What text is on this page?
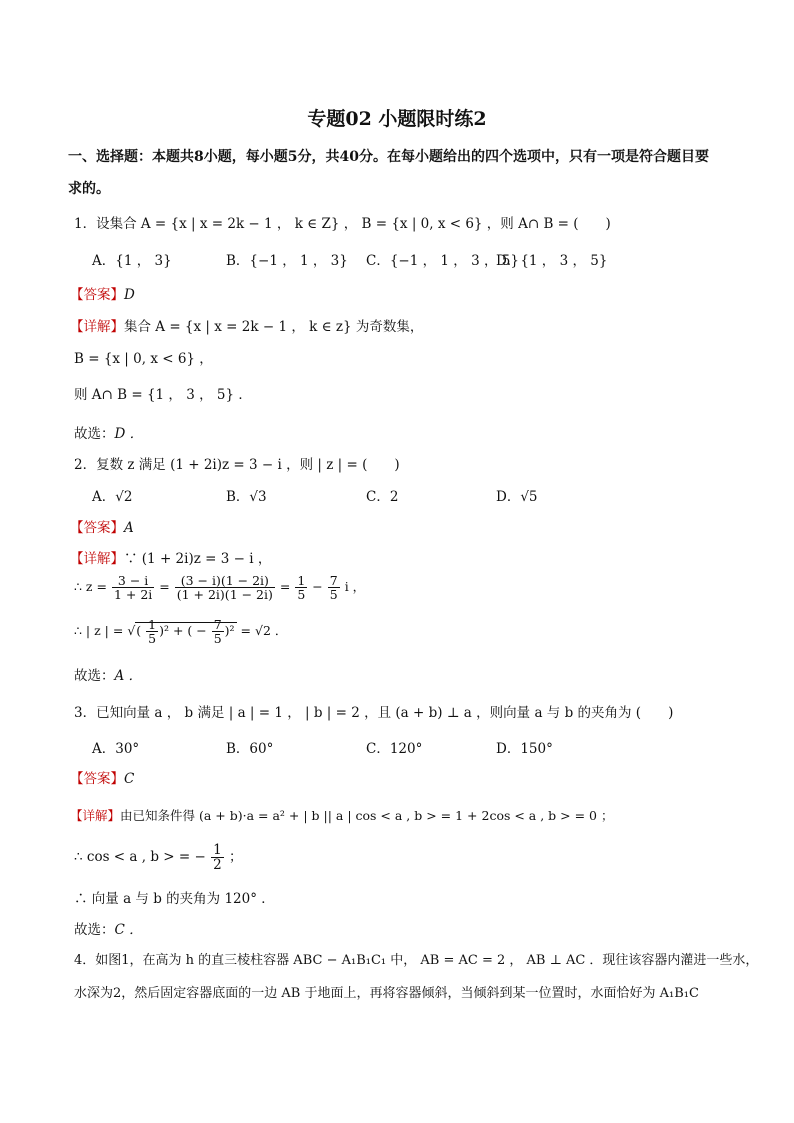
专题02 小题限时练2
一、选择题：本题共8小题，每小题5分，共40分。在每小题给出的四个选项中，只有一项是符合题目要
求的。
1．设集合 A = {x | x = 2k − 1 ， k ∈ Z} ， B = {x | 0, x < 6} ，则 A∩ B = (　　)
A．{1 ， 3}	B．{−1 ， 1 ， 3} C．{−1 ， 1 ， 3 ， 5}
D．{1 ， 3 ， 5}
【答案】D
【详解】集合 A = {x | x = 2k − 1 ， k ∈ z} 为奇数集，
B = {x | 0, x < 6} ，
则 A∩ B = {1 ， 3 ， 5} ．
故选：D ．
2．复数 z 满足 (1 + 2i)z = 3 − i ，则 | z | = (　　)
A．√2	B．√3	C．2	D．√5
【答案】A
【详解】∵ (1 + 2i)z = 3 − i ，
∴ $z = \frac{3 - i}{1 + 2i} = \frac{(3 - i)(1 - 2i)}{(1 + 2i)(1 - 2i)} = \frac{1}{5} - \frac{7}{5}$ i ，
∴ | z | = √( $\frac{1}{5} )^2$ + ( − $\frac{7}{5} )^2 = √2$ ．
故选：A ．
3．已知向量 a ， b 满足 | a | = 1 ， | b | = 2 ，且 (a + b) ⊥ a ，则向量 a 与 b 的夹角为 (　　)
A．30°	B．60°	C．120°	D．150°
【答案】C
【详解】由已知条件得 (a + b)·a = a² + | b || a | cos < a , b > = 1 + 2cos < a , b > = 0 ；
∴ cos < a , b > = − $\frac{1}{2}$ ；
∴ 向量 a 与 b 的夹角为 120° ．
故选：C ．
4．如图1，在高为 h 的直三棱柱容器 ABC − A₁B₁C₁ 中， AB = AC = 2 ， AB ⊥ AC ．现往该容器内灌进一些水，
水深为2，然后固定容器底面的一边 AB 于地面上，再将容器倾斜，当倾斜到某一位置时，水面恰好为 A₁B₁C
